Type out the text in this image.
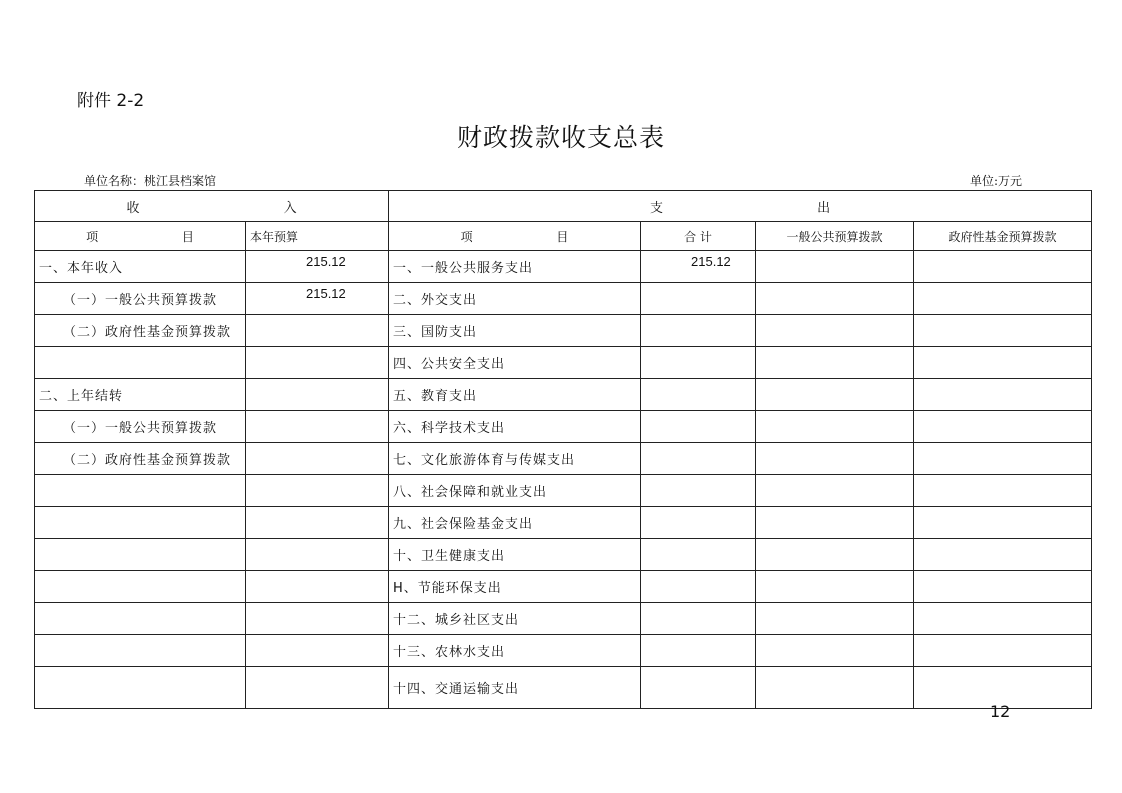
附件 2-2
财政拨款收支总表
单位名称：桃江县档案馆	单位:万元
收 入		支 出			
项 目	本年预算	项 目	合 计	一般公共预算拨款	政府性基金预算拨款
一、本年收入	215.12	一、一般公共服务支出	215.12		
（一）一般公共预算拨款	215.12	二、外交支出			
（二）政府性基金预算拨款		三、国防支出			
		四、公共安全支出			
二、上年结转		五、教育支出			
（一）一般公共预算拨款		六、科学技术支出			
（二）政府性基金预算拨款		七、文化旅游体育与传媒支出			
		八、社会保障和就业支出			
		九、社会保险基金支出			
		十、卫生健康支出			
		H、节能环保支出			
		十二、城乡社区支出			
		十三、农林水支出			
		十四、交通运输支出			
12
